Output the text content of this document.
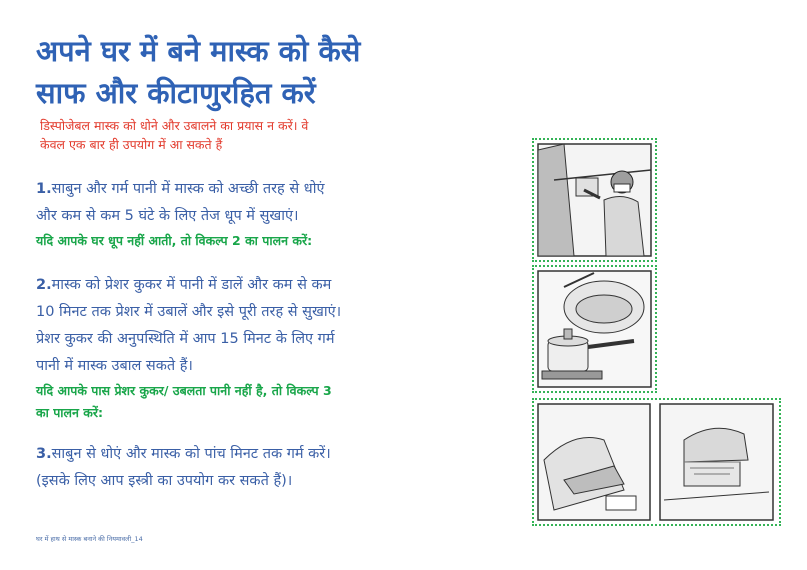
अपने घर में बने मास्क को कैसे
साफ और कीटाणुरहित करें
डिस्पोजेबल मास्क को धोने और उबालने का प्रयास न करें। वे
केवल एक बार ही उपयोग में आ सकते हैं
1.साबुन और गर्म पानी में मास्क को अच्छी तरह से धोएं
और कम से कम 5 घंटे के लिए तेज धूप में सुखाएं।
यदि आपके घर धूप नहीं आती, तो विकल्प 2 का पालन करें:
2.मास्क को प्रेशर कुकर में पानी में डालें और कम से कम
10 मिनट तक प्रेशर में उबालें और इसे पूरी तरह से सुखाएं।
प्रेशर कुकर की अनुपस्थिति में आप 15 मिनट के लिए गर्म
पानी में मास्क उबाल सकते हैं।
यदि आपके पास प्रेशर कुकर/ उबलता पानी नहीं है, तो विकल्प 3
का पालन करें:
3.साबुन से धोएं और मास्क को पांच मिनट तक गर्म करें।
(इसके लिए आप इस्त्री का उपयोग कर सकते हैं)।
घर में हाथ से मास्क बनाने की नियमावली_14
